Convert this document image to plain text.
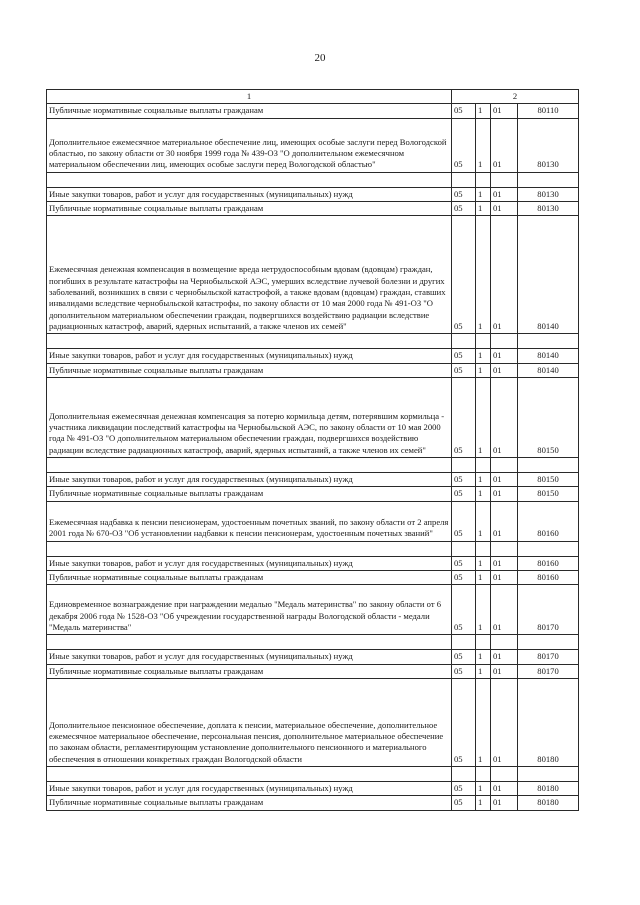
20
1	2			
Публичные нормативные социальные выплаты гражданам	05	1	01	80110
Дополнительное ежемесячное материальное обеспечение лиц, имеющих особые заслуги перед Вологодской областью, по закону области от 30 ноября 1999 года № 439-ОЗ "О дополнительном ежемесячном материальном обеспечении лиц, имеющих особые заслуги перед Вологодской областью"	05	1	01	80130

Иные закупки товаров, работ и услуг для государственных (муниципальных) нужд	05	1	01	80130
Публичные нормативные социальные выплаты гражданам	05	1	01	80130
Ежемесячная денежная компенсация в возмещение вреда нетрудоспособным вдовам (вдовцам) граждан, погибших в результате катастрофы на Чернобыльской АЭС, умерших вследствие лучевой болезни и других заболеваний, возникших в связи с чернобыльской катастрофой, а также вдовам (вдовцам) граждан, ставших инвалидами вследствие чернобыльской катастрофы, по закону области от 10 мая 2000 года № 491-ОЗ "О дополнительном материальном обеспечении граждан, подвергшихся воздействию радиации вследствие радиационных катастроф, аварий, ядерных испытаний, а также членов их семей"	05	1	01	80140

Иные закупки товаров, работ и услуг для государственных (муниципальных) нужд	05	1	01	80140
Публичные нормативные социальные выплаты гражданам	05	1	01	80140
Дополнительная ежемесячная денежная компенсация за потерю кормильца детям, потерявшим кормильца - участника ликвидации последствий катастрофы на Чернобыльской АЭС, по закону области от 10 мая 2000 года № 491-ОЗ "О дополнительном материальном обеспечении граждан, подвергшихся воздействию радиации вследствие радиационных катастроф, аварий, ядерных испытаний, а также членов их семей"	05	1	01	80150

Иные закупки товаров, работ и услуг для государственных (муниципальных) нужд	05	1	01	80150
Публичные нормативные социальные выплаты гражданам	05	1	01	80150
Ежемесячная надбавка к пенсии пенсионерам, удостоенным почетных званий, по закону области от 2 апреля 2001 года № 670-ОЗ "Об установлении надбавки к пенсии пенсионерам, удостоенным почетных званий"	05	1	01	80160

Иные закупки товаров, работ и услуг для государственных (муниципальных) нужд	05	1	01	80160
Публичные нормативные социальные выплаты гражданам	05	1	01	80160
Единовременное вознаграждение при награждении медалью "Медаль материнства" по закону области от 6 декабря 2006 года № 1528-ОЗ "Об учреждении государственной награды Вологодской области - медали "Медаль материнства"	05	1	01	80170

Иные закупки товаров, работ и услуг для государственных (муниципальных) нужд	05	1	01	80170
Публичные нормативные социальные выплаты гражданам	05	1	01	80170
Дополнительное пенсионное обеспечение, доплата к пенсии, материальное обеспечение, дополнительное ежемесячное материальное обеспечение, персональная пенсия, дополнительное материальное обеспечение по законам области, регламентирующим установление дополнительного пенсионного и материального обеспечения в отношении конкретных граждан Вологодской области	05	1	01	80180

Иные закупки товаров, работ и услуг для государственных (муниципальных) нужд	05	1	01	80180
Публичные нормативные социальные выплаты гражданам	05	1	01	80180
